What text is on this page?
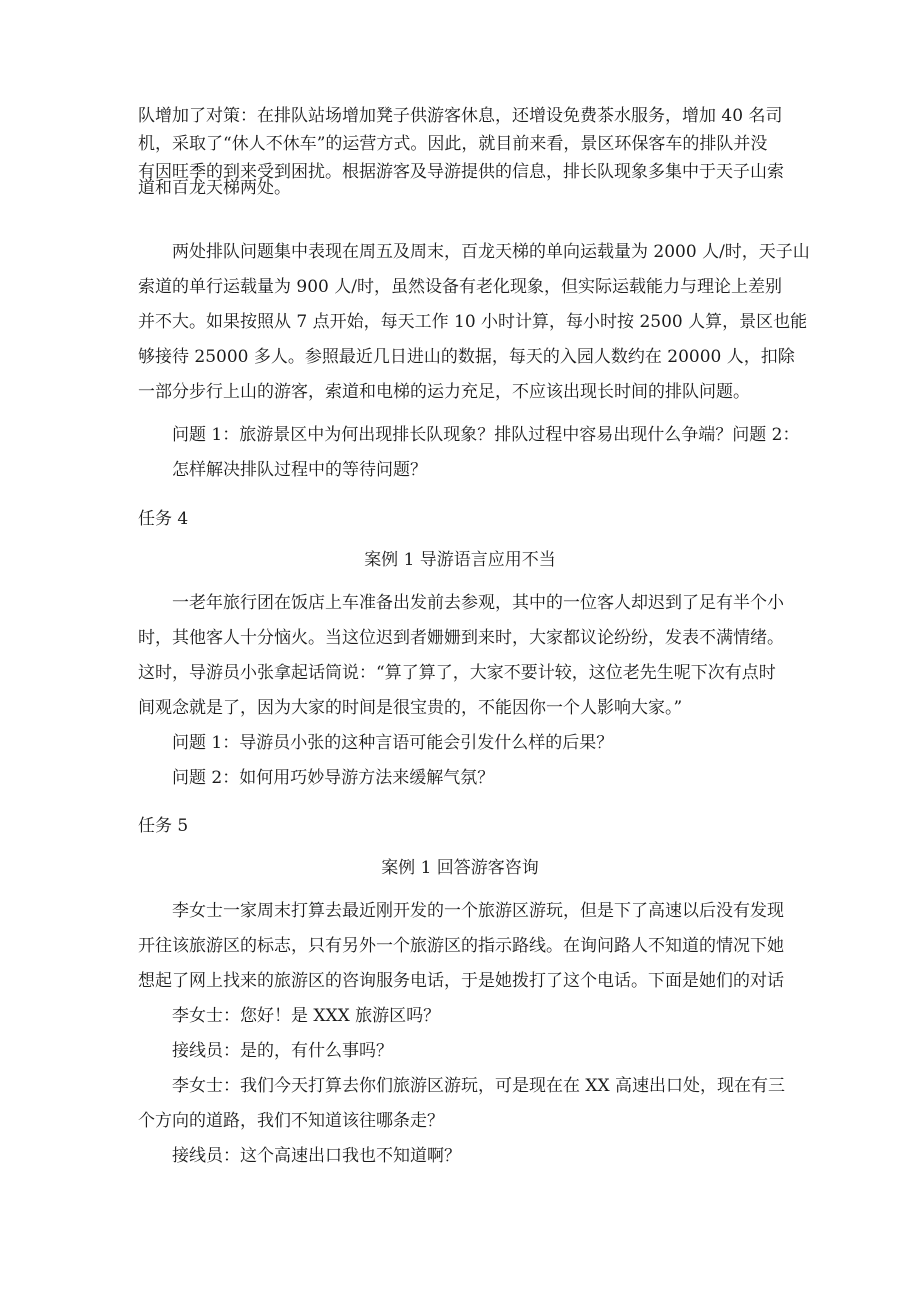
队增加了对策：在排队站场增加凳子供游客休息，还增设免费茶水服务，增加 40 名司
机，采取了“休人不休车”的运营方式。因此，就目前来看，景区环保客车的排队并没
有因旺季的到来受到困扰。根据游客及导游提供的信息，排长队现象多集中于天子山索
道和百龙天梯两处。
两处排队问题集中表现在周五及周末，百龙天梯的单向运载量为 2000 人/时，天子山
索道的单行运载量为 900 人/时，虽然设备有老化现象，但实际运载能力与理论上差别
并不大。如果按照从 7 点开始，每天工作 10 小时计算，每小时按 2500 人算，景区也能
够接待 25000 多人。参照最近几日进山的数据，每天的入园人数约在 20000 人，扣除
一部分步行上山的游客，索道和电梯的运力充足，不应该出现长时间的排队问题。
问题 1：旅游景区中为何出现排长队现象？排队过程中容易出现什么争端？问题 2：
怎样解决排队过程中的等待问题？
任务 4
案例 1 导游语言应用不当
一老年旅行团在饭店上车准备出发前去参观，其中的一位客人却迟到了足有半个小
时，其他客人十分恼火。当这位迟到者姗姗到来时，大家都议论纷纷，发表不满情绪。
这时，导游员小张拿起话筒说：“算了算了，大家不要计较，这位老先生呢下次有点时
间观念就是了，因为大家的时间是很宝贵的，不能因你一个人影响大家。”
问题 1：导游员小张的这种言语可能会引发什么样的后果？
问题 2：如何用巧妙导游方法来缓解气氛？
任务 5
案例 1 回答游客咨询
李女士一家周末打算去最近刚开发的一个旅游区游玩，但是下了高速以后没有发现
开往该旅游区的标志，只有另外一个旅游区的指示路线。在询问路人不知道的情况下她
想起了网上找来的旅游区的咨询服务电话，于是她拨打了这个电话。下面是她们的对话
李女士：您好！是 XXX 旅游区吗？
接线员：是的，有什么事吗？
李女士：我们今天打算去你们旅游区游玩，可是现在在 XX 高速出口处，现在有三
个方向的道路，我们不知道该往哪条走？
接线员：这个高速出口我也不知道啊？
